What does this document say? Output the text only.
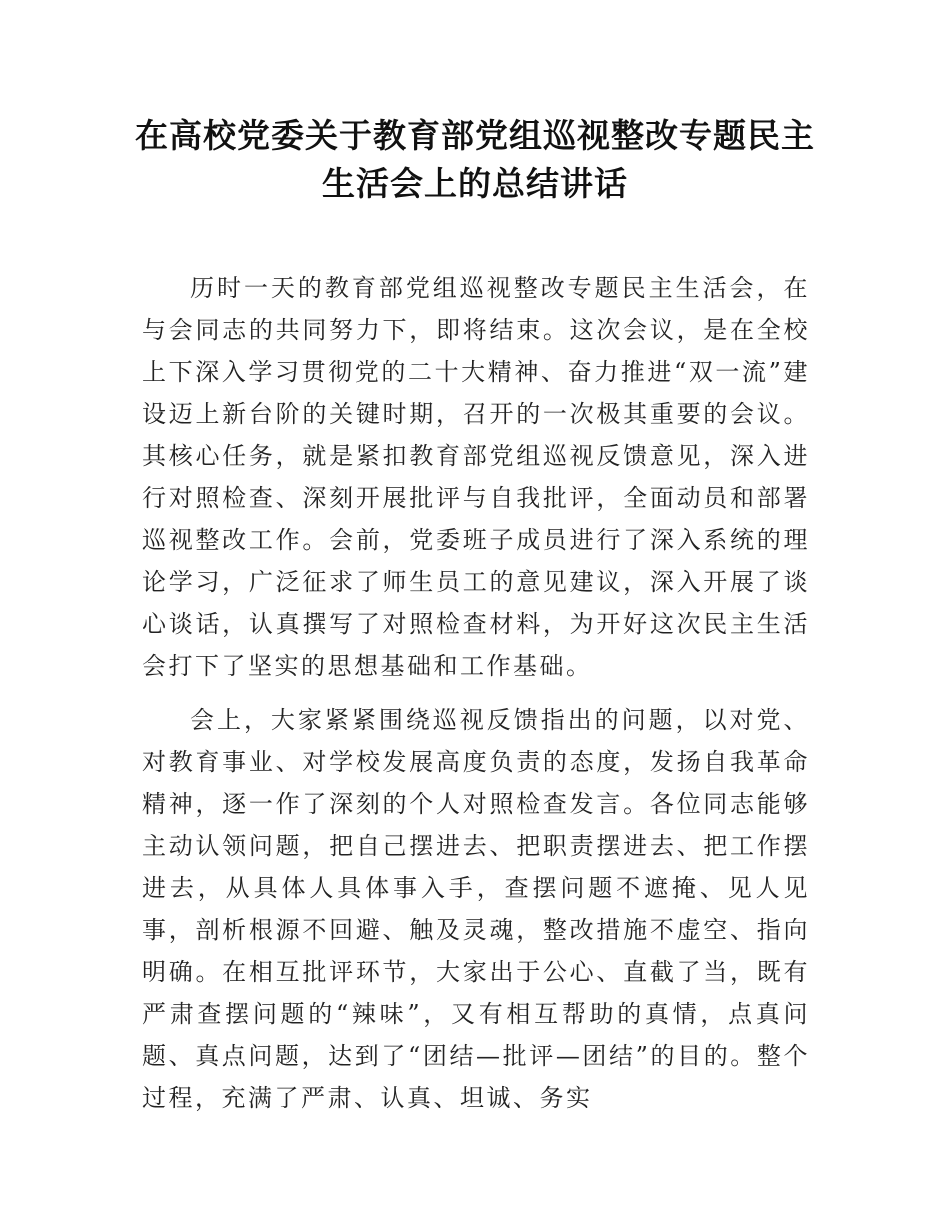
在高校党委关于教育部党组巡视整改专题民主生活会上的总结讲话

历时一天的教育部党组巡视整改专题民主生活会，在与会同志的共同努力下，即将结束。这次会议，是在全校上下深入学习贯彻党的二十大精神、奋力推进“双一流”建设迈上新台阶的关键时期，召开的一次极其重要的会议。其核心任务，就是紧扣教育部党组巡视反馈意见，深入进行对照检查、深刻开展批评与自我批评，全面动员和部署巡视整改工作。会前，党委班子成员进行了深入系统的理论学习，广泛征求了师生员工的意见建议，深入开展了谈心谈话，认真撰写了对照检查材料，为开好这次民主生活会打下了坚实的思想基础和工作基础。

会上，大家紧紧围绕巡视反馈指出的问题，以对党、对教育事业、对学校发展高度负责的态度，发扬自我革命精神，逐一作了深刻的个人对照检查发言。各位同志能够主动认领问题，把自己摆进去、把职责摆进去、把工作摆进去，从具体人具体事入手，查摆问题不遮掩、见人见事，剖析根源不回避、触及灵魂，整改措施不虚空、指向明确。在相互批评环节，大家出于公心、直截了当，既有严肃查摆问题的“辣味”，又有相互帮助的真情，点真问题、真点问题，达到了“团结—批评—团结”的目的。整个过程，充满了严肃、认真、坦诚、务实
